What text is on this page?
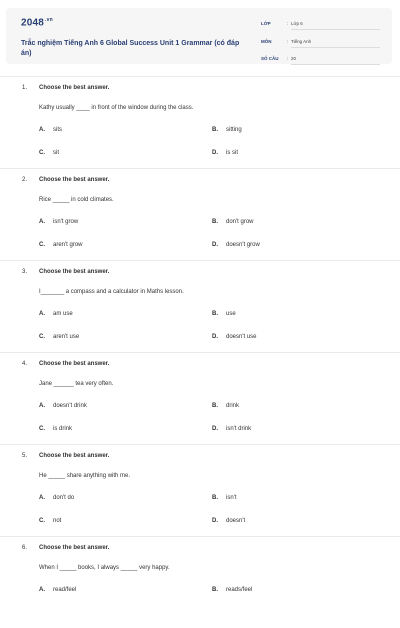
$2048^{.vn}$
Trắc nghiệm Tiếng Anh 6 Global Success Unit 1 Grammar (có đáp án)
LỚP	: Lớp 6
MÔN	: Tiếng Anh
SỐ CÂU : 20
1. Choose the best answer.
Kathy usually ____ in front of the window during the class.
A. sits	B. sitting
C. sit	D. is sit
2. Choose the best answer.
Rice _____ in cold climates.
A. isn't grow	B. don't grow
C. aren't grow	D. doesn't grow
3. Choose the best answer.
I_______ a compass and a calculator in Maths lesson.
A. am use	B. use
C. aren't use	D. doesn't use
4. Choose the best answer.
Jane ______ tea very often.
A. doesn't drink	B. drink
C. is drink	D. isn't drink
5. Choose the best answer.
He _____ share anything with me.
A. don't do	B. isn't
C. not	D. doesn't
6. Choose the best answer.
When I _____ books, I always _____ very happy.
A. read/feel	B. reads/feel
